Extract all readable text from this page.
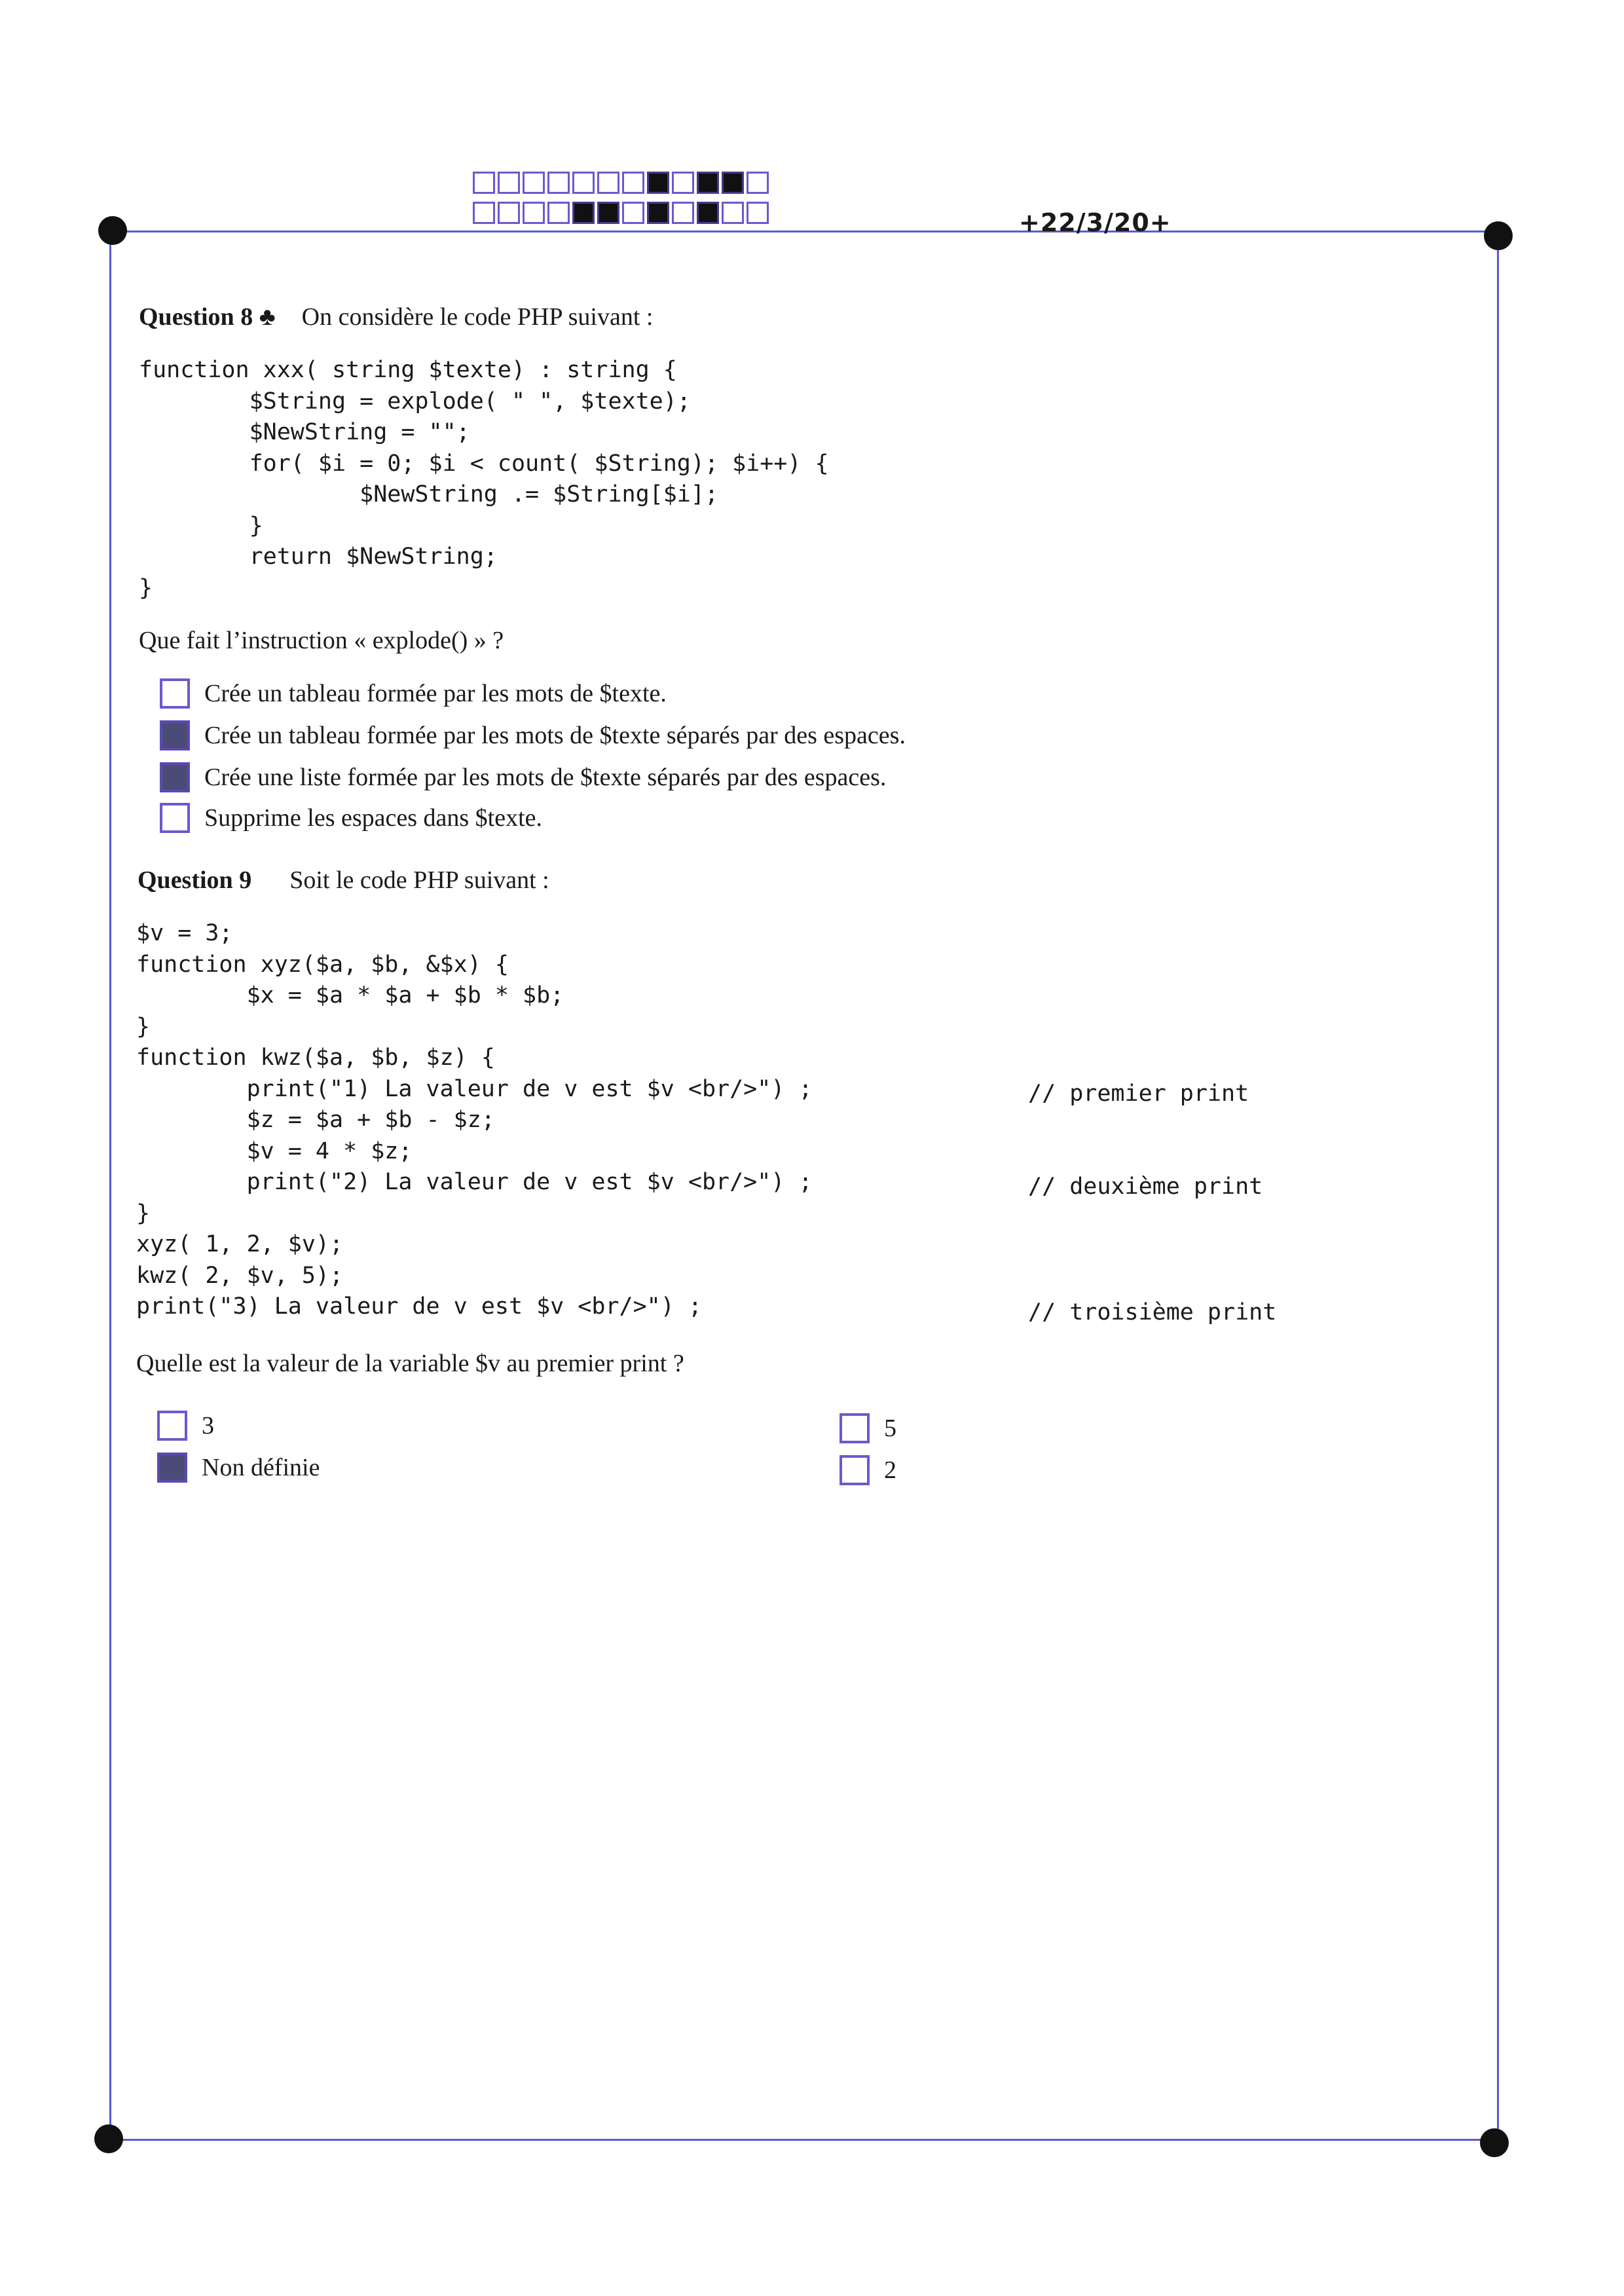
+22/3/20+
Question 8 ♣ On considère le code PHP suivant :
function xxx( string $texte) : string {
$String = explode( " ", $texte);
$NewString = "";
for( $i = 0; $i < count( $String); $i++) {
$NewString .= $String[$i];
}
return $NewString;
}
Que fait l’instruction « explode() » ?
Crée un tableau formée par les mots de $texte.
Crée un tableau formée par les mots de $texte séparés par des espaces.
Crée une liste formée par les mots de $texte séparés par des espaces.
Supprime les espaces dans $texte.
Question 9 Soit le code PHP suivant :
$v = 3;
function xyz($a, $b, &$x) {
$x = $a * $a + $b * $b;
}
function kwz($a, $b, $z) {
print("1) La valeur de v est $v <br/>") ;
$z = $a + $b - $z;
$v = 4 * $z;
print("2) La valeur de v est $v <br/>") ;
}
xyz( 1, 2, $v);
kwz( 2, $v, 5);
print("3) La valeur de v est $v <br/>") ;
// premier print
// deuxième print
// troisième print
Quelle est la valeur de la variable $v au premier print ?
3
Non définie
5
2
